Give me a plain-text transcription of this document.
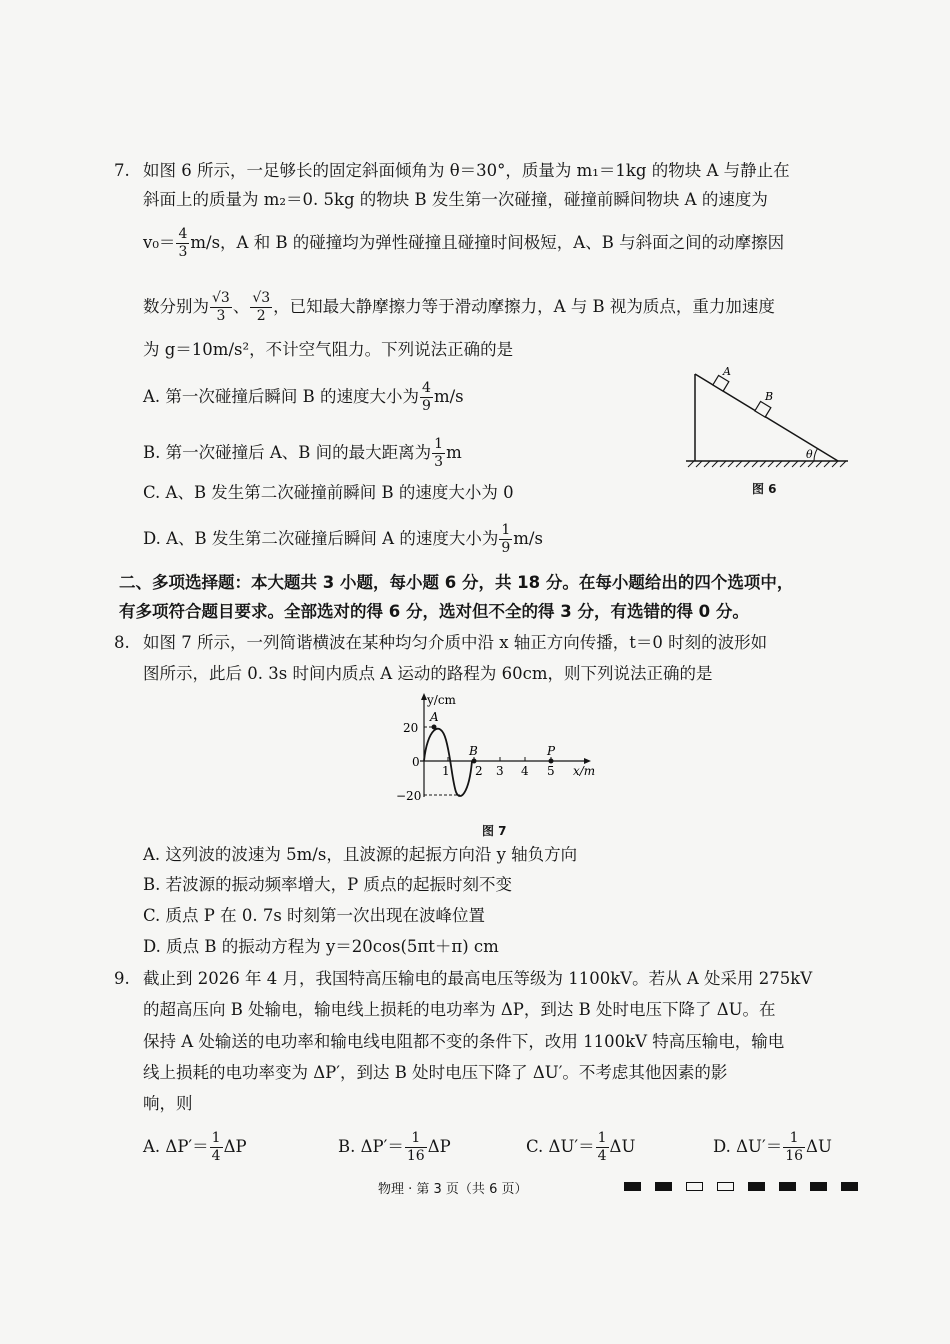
7. 如图 6 所示，一足够长的固定斜面倾角为 θ＝30°，质量为 m₁＝1kg 的物块 A 与静止在
斜面上的质量为 m₂＝0. 5kg 的物块 B 发生第一次碰撞，碰撞前瞬间物块 A 的速度为
$v_0= \frac{4}{3} m/s$，A 和 B 的碰撞均为弹性碰撞且碰撞时间极短，A、B 与斜面之间的动摩擦因
数分别为 $\frac{√3}{3}$ 、 $\frac{√3}{2}$ ，已知最大静摩擦力等于滑动摩擦力，A 与 B 视为质点，重力加速度
为 g＝10m/s²，不计空气阻力。下列说法正确的是
A. 第一次碰撞后瞬间 B 的速度大小为 $\frac{4}{9} m/s$
B. 第一次碰撞后 A、B 间的最大距离为 $\frac{1}{3}$ m
C. A、B 发生第二次碰撞前瞬间 B 的速度大小为 0
D. A、B 发生第二次碰撞后瞬间 A 的速度大小为 $\frac{1}{9} m/s$
θ
A
B
图 6
二、多项选择题：本大题共 3 小题，每小题 6 分，共 18 分。在每小题给出的四个选项中，
有多项符合题目要求。全部选对的得 6 分，选对但不全的得 3 分，有选错的得 0 分。
8. 如图 7 所示，一列简谐横波在某种均匀介质中沿 x 轴正方向传播，t＝0 时刻的波形如
图所示，此后 0. 3s 时间内质点 A 运动的路程为 60cm，则下列说法正确的是
y/cm
x/m
0
20
−20
1 2 3 4 5
A
B	P
图 7
A. 这列波的波速为 5m/s，且波源的起振方向沿 y 轴负方向
B. 若波源的振动频率增大，P 质点的起振时刻不变
C. 质点 P 在 0. 7s 时刻第一次出现在波峰位置
D. 质点 B 的振动方程为 y＝20cos(5πt＋π) cm
9. 截止到 2026 年 4 月，我国特高压输电的最高电压等级为 1100kV。若从 A 处采用 275kV
的超高压向 B 处输电，输电线上损耗的电功率为 ΔP，到达 B 处时电压下降了 ΔU。在
保持 A 处输送的电功率和输电线电阻都不变的条件下，改用 1100kV 特高压输电，输电
线上损耗的电功率变为 ΔP′，到达 B 处时电压下降了 ΔU′。不考虑其他因素的影
响，则
A. $\Delta P'= \frac{1}{4}$ ΔP	B. $\Delta P'= \frac{1}{16}$ ΔP	C. $\Delta U'= \frac{1}{4}$ ΔU	D. $\Delta U'= \frac{1}{16}$ ΔU
物理 · 第 3 页（共 6 页）
